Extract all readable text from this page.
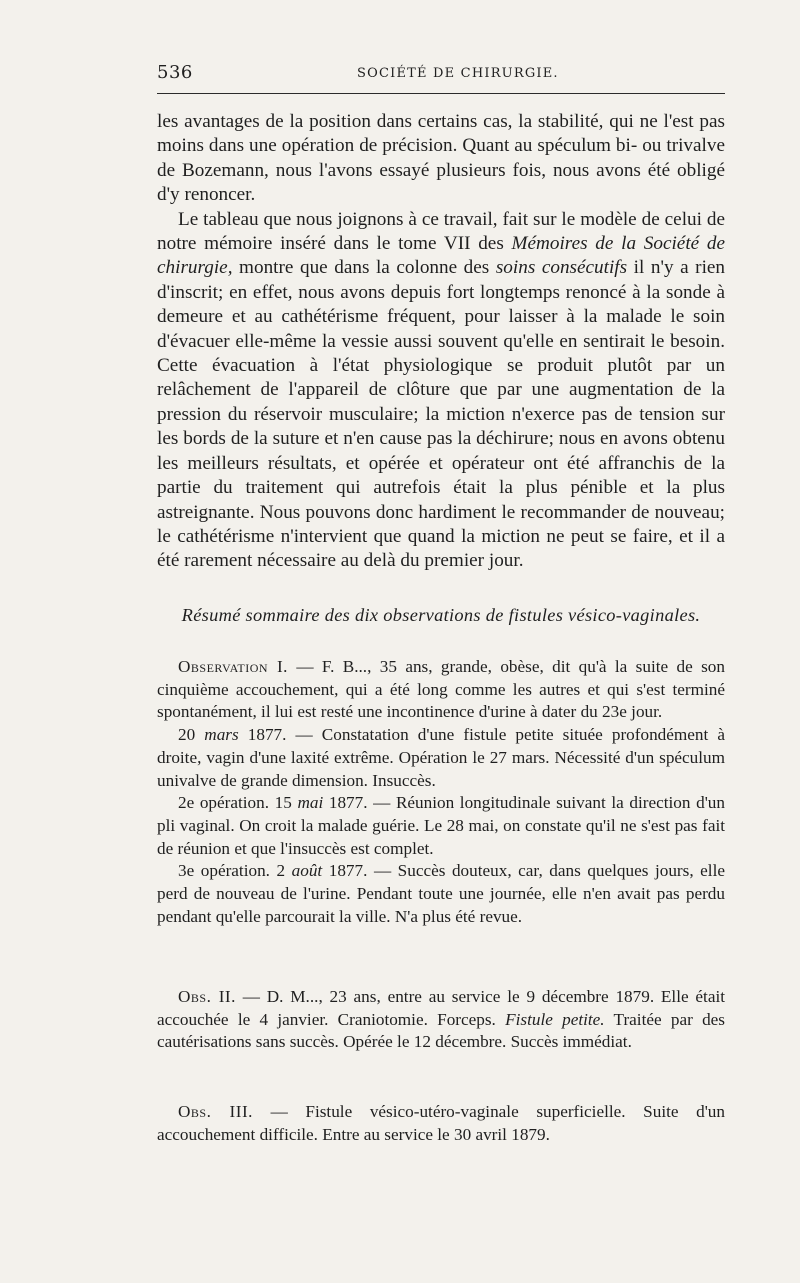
536	SOCIÉTÉ DE CHIRURGIE.

les avantages de la position dans certains cas, la stabilité, qui ne l'est pas moins dans une opération de précision. Quant au spéculum bi- ou trivalve de Bozemann, nous l'avons essayé plusieurs fois, nous avons été obligé d'y renoncer.

Le tableau que nous joignons à ce travail, fait sur le modèle de celui de notre mémoire inséré dans le tome VII des Mémoires de la Société de chirurgie, montre que dans la colonne des soins consécutifs il n'y a rien d'inscrit; en effet, nous avons depuis fort longtemps renoncé à la sonde à demeure et au cathétérisme fréquent, pour laisser à la malade le soin d'évacuer elle-même la vessie aussi souvent qu'elle en sentirait le besoin. Cette évacuation à l'état physiologique se produit plutôt par un relâchement de l'appareil de clôture que par une augmentation de la pression du réservoir musculaire; la miction n'exerce pas de tension sur les bords de la suture et n'en cause pas la déchirure; nous en avons obtenu les meilleurs résultats, et opérée et opérateur ont été affranchis de la partie du traitement qui autrefois était la plus pénible et la plus astreignante. Nous pouvons donc hardiment le recommander de nouveau; le cathétérisme n'intervient que quand la miction ne peut se faire, et il a été rarement nécessaire au delà du premier jour.

Résumé sommaire des dix observations de fistules vésico-vaginales.

Observation I. — F. B..., 35 ans, grande, obèse, dit qu'à la suite de son cinquième accouchement, qui a été long comme les autres et qui s'est terminé spontanément, il lui est resté une incontinence d'urine à dater du 23e jour.

20 mars 1877. — Constatation d'une fistule petite située profondément à droite, vagin d'une laxité extrême. Opération le 27 mars. Nécessité d'un spéculum univalve de grande dimension. Insuccès.

2e opération. 15 mai 1877. — Réunion longitudinale suivant la direction d'un pli vaginal. On croit la malade guérie. Le 28 mai, on constate qu'il ne s'est pas fait de réunion et que l'insuccès est complet.

3e opération. 2 août 1877. — Succès douteux, car, dans quelques jours, elle perd de nouveau de l'urine. Pendant toute une journée, elle n'en avait pas perdu pendant qu'elle parcourait la ville. N'a plus été revue.

Obs. II. — D. M..., 23 ans, entre au service le 9 décembre 1879. Elle était accouchée le 4 janvier. Craniotomie. Forceps. Fistule petite. Traitée par des cautérisations sans succès. Opérée le 12 décembre. Succès immédiat.

Obs. III. — Fistule vésico-utéro-vaginale superficielle. Suite d'un accouchement difficile. Entre au service le 30 avril 1879.
